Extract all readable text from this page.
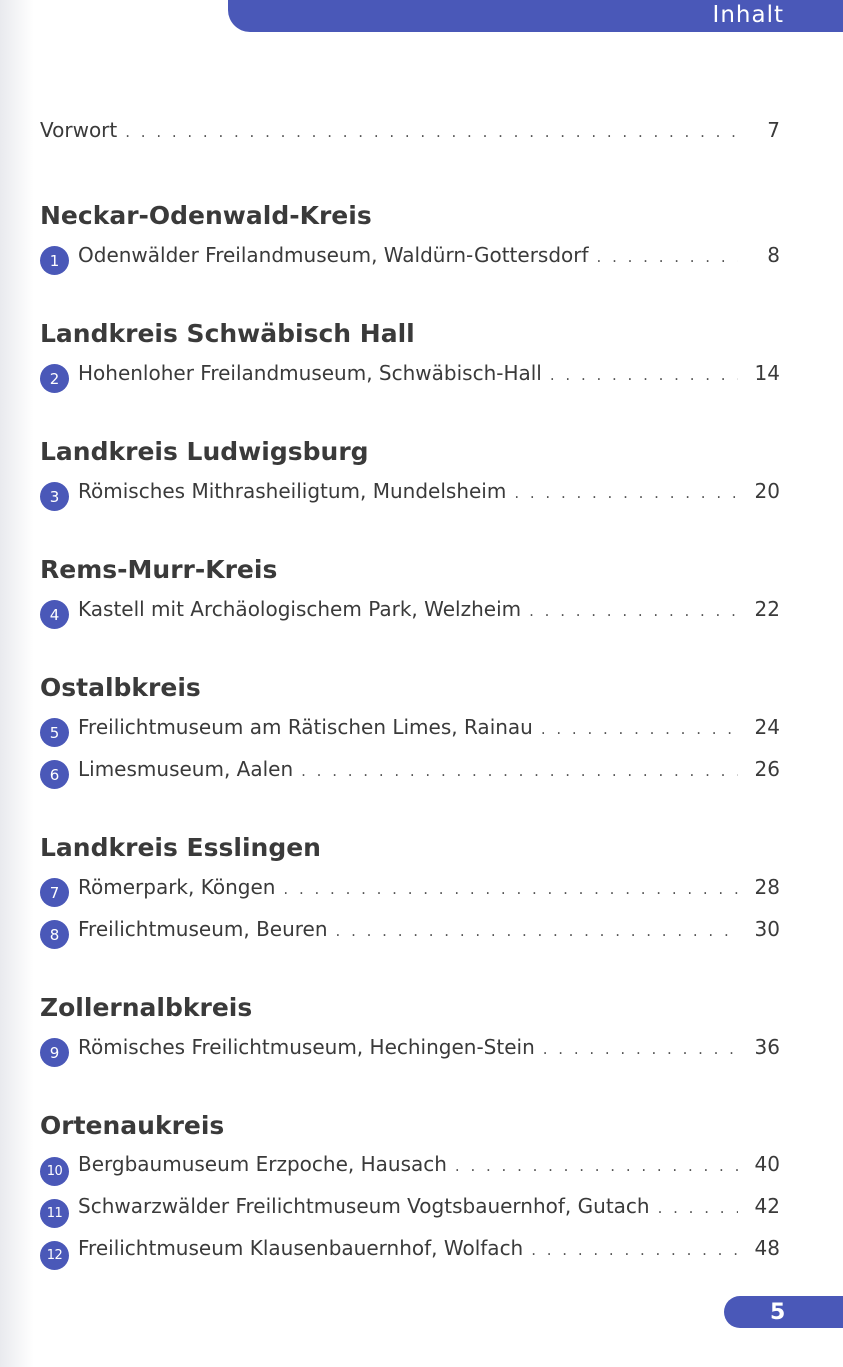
Inhalt
Vorwort . . .	7
Neckar-Odenwald-Kreis
1 Odenwälder Freilandmuseum, Waldürn-Gottersdorf . . .	8
Landkreis Schwäbisch Hall
2 Hohenloher Freilandmuseum, Schwäbisch-Hall . . .	14
Landkreis Ludwigsburg
3 Römisches Mithrasheiligtum, Mundelsheim . . .	20
Rems-Murr-Kreis
4 Kastell mit Archäologischem Park, Welzheim . . .	22
Ostalbkreis
5 Freilichtmuseum am Rätischen Limes, Rainau . . .	24
6 Limesmuseum, Aalen . . .	26
Landkreis Esslingen
7 Römerpark, Köngen . . .	28
8 Freilichtmuseum, Beuren . . .	30
Zollernalbkreis
9 Römisches Freilichtmuseum, Hechingen-Stein . . .	36
Ortenaukreis
10 Bergbaumuseum Erzpoche, Hausach . . .	40
11 Schwarzwälder Freilichtmuseum Vogtsbauernhof, Gutach . . .	42
12 Freilichtmuseum Klausenbauernhof, Wolfach . . .	48
5
